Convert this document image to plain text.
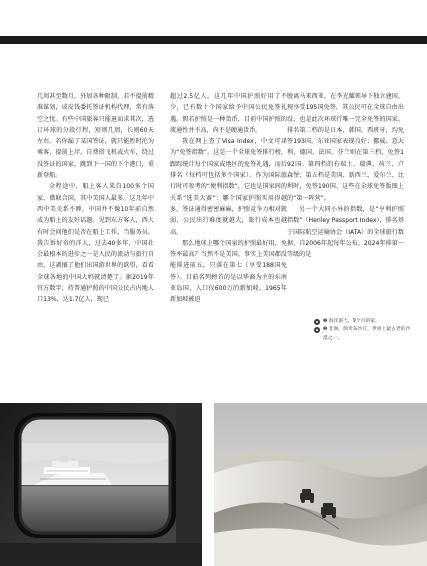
几周甚至数月，外加各种限制，若不提前精准谋划，成皮钱委托签证机构代理，常有落空之忧。有些中国旅客只能退而求其次，选订环球的分段行程，短则几周，长则60天左右。若你漏了某国签证，就只能暂时沦为乘客，提前上岸，自费搭飞机或火车，绕过没签证的国家，跳到下一国的下个港口，重新登船。

全程途中，船上客人来自100多个国家，微联合国。其中美国人最多。这几年中西中美关系不睦，中国并不像10年前自然成为船上的友好话题。见到东方客人，西人有时会问他们是否在船上工作，当服务员。我告诉好奇的洋人，过去40多年，中国社会最根本的进步之一是人民的流动与旅行自由，这剥攘了他们出国游世界的欲望，看看全球各地的中国大妈就清楚了。据2019年官方数字，持普通护照的中国公民占内地人口13%，达1.7亿人，现已

超过2.5亿人。这几年中国护照好用了不少，已有数十个国家给予中国公民免签礼遇。假若护照是一种货币，目前中国护照的流通性并不高，尚不是硬通货币。

我在网上查了Visa Index，中文可译为“免签指数”。这是一个全球免签排行榜，跟踪统计每个国家或地区的免签礼遇，而后排名（每档可包括多个国家）。作为国际旅行时可参考的“便利指数”，它也是国家间的关系“选美大赛”：哪个国家护照实用得越多，签证通得密密麻麻，护照竞争力相对就弱，公民出行难度就越大，旅行成本也越高。

那么地球上哪个国家的护照最好用，免签率最高？当然不是美国。事实上美国都没能排进前五，只落在第七（享受188国免签）。目前名列榜首的是以华裔为主的东南亚岛国，人口仅600万的新加坡。1965年新加坡被迫

脱离马来西亚，在李光耀领导下独立建国，现享受195国免签，其公民可在全球自由出没，也是此次环球行唯一完全免签的国家。排名第二档的是日本、韩国、西班牙，均免签193国。东亚国家表现良好；挪威、意大利、德国、法国、芬兰则在第三档，免签192国。第四档的有瑞士、瑞典、荷兰、卢森堡；第五档是美国、新西兰、爱尔兰、比利时，免签190国。这些在全球免签版图上的“第一阵营”。

另一个大同小异的指数，是“亨利护照指数”（Henley Passport Index），排名基于国际航空运输协会（IATA）的全球旅行数据，自2006年起每年公布。2024年排第一等级的是

❶ 海洋游弋，9个月的家。
❷ 非洲。纳米布沙丘，世界上最古老的沙漠之一。
